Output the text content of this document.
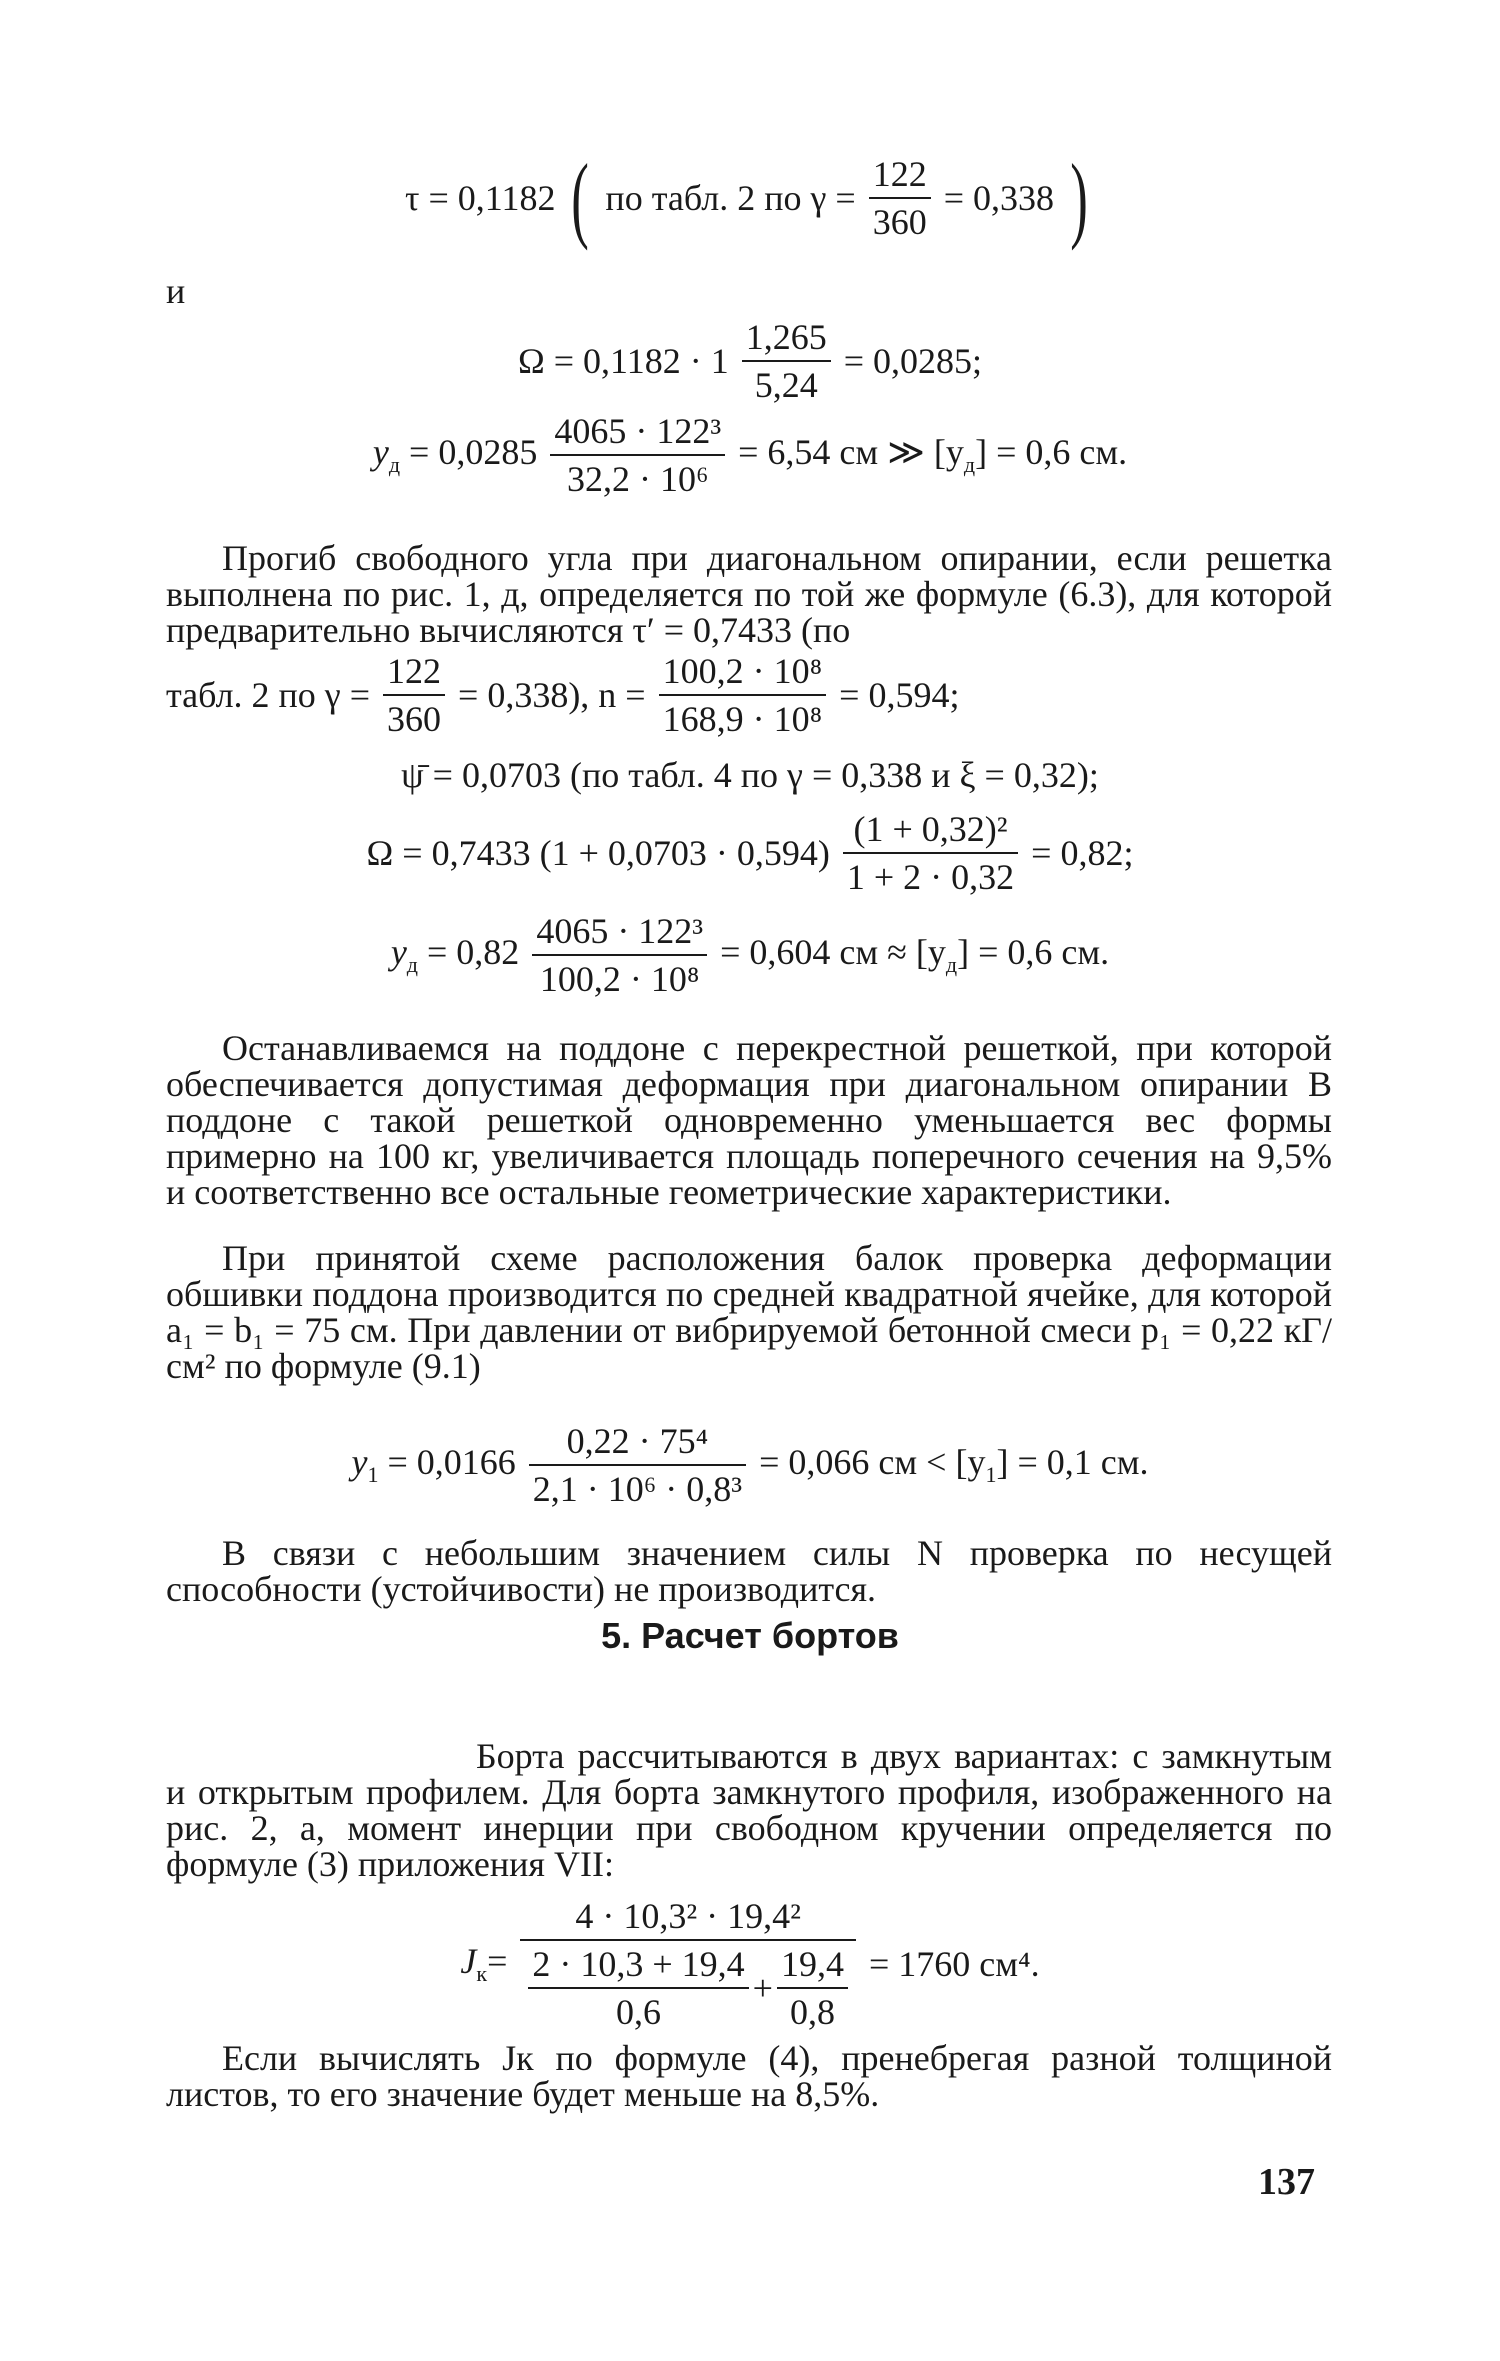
τ = 0,1182 ( по табл. 2 по $\gamma = \frac{122}{360} = 0,338$ )
и
$\Omega = 0,1182 \cdot 1 \frac{1,265}{5,24} = 0,0285$;
$y_д = 0,0285 \frac{\text{4065 · 122³}}{\text{32,2 · 10⁶}} = 6,54$ см ≫ $[y_д] = 0,6$ см.
Прогиб свободного угла при диагональном опирании, если решетка выполнена по рис. 1, д, определяется по той же формуле (6.3), для которой предварительно вычисляются τ′ = 0,7433 (по
табл. 2 по $\gamma = \frac{122}{360} = 0,338$), $n = \frac{\text{100,2 · 10⁸}}{\text{168,9 · 10⁸}} = 0,594$;
ψ̄ = 0,0703 (по табл. 4 по γ = 0,338 и ξ = 0,32);
Ω = 0,7433 $(1 + 0,0703 \cdot 0,594) \frac{\text{(1 + 0,32)²}}{1 + 2 \cdot 0,32} = 0,82$;
$y_д = 0,82 \frac{\text{4065 · 122³}}{\text{100,2 · 10⁸}} = 0,604$ см ≈ $[y_д] = 0,6$ см.
Останавливаемся на поддоне с перекрестной решеткой, при которой обеспечивается допустимая деформация при диагональном опирании В поддоне с такой решеткой одновременно уменьшается вес формы примерно на 100 кг, увеличивается площадь поперечного сечения на 9,5% и соответственно все остальные геометрические характеристики.
При принятой схеме расположения балок проверка деформации обшивки поддона производится по средней квадратной ячейке, для которой a₁ = b₁ = 75 см. При давлении от вибрируемой бетонной смеси p₁ = 0,22 кГ/см² по формуле (9.1)
$y_1 = 0,0166 \frac{\text{0,22 · 75⁴}}{\text{2,1 · 10⁶ · 0,8³}} = 0,066$ см < $[y_1] = 0,1$ см.
В связи с небольшим значением силы N проверка по несущей способности (устойчивости) не производится.
5. Расчет бортов
Борта рассчитываются в двух вариантах: с замкнутым и открытым профилем. Для борта замкнутого профиля, изображенного на рис. 2, а, момент инерции при свободном кручении определяется по формуле (3) приложения VII:
$J_к=$
4 · 10,3² · 19,4²
$\frac{2 \cdot 10,3 + 19,4}{0,6} + \frac{19,4}{0,8} = 1760$ см⁴.
Если вычислять Jк по формуле (4), пренебрегая разной толщиной листов, то его значение будет меньше на 8,5%.
137
